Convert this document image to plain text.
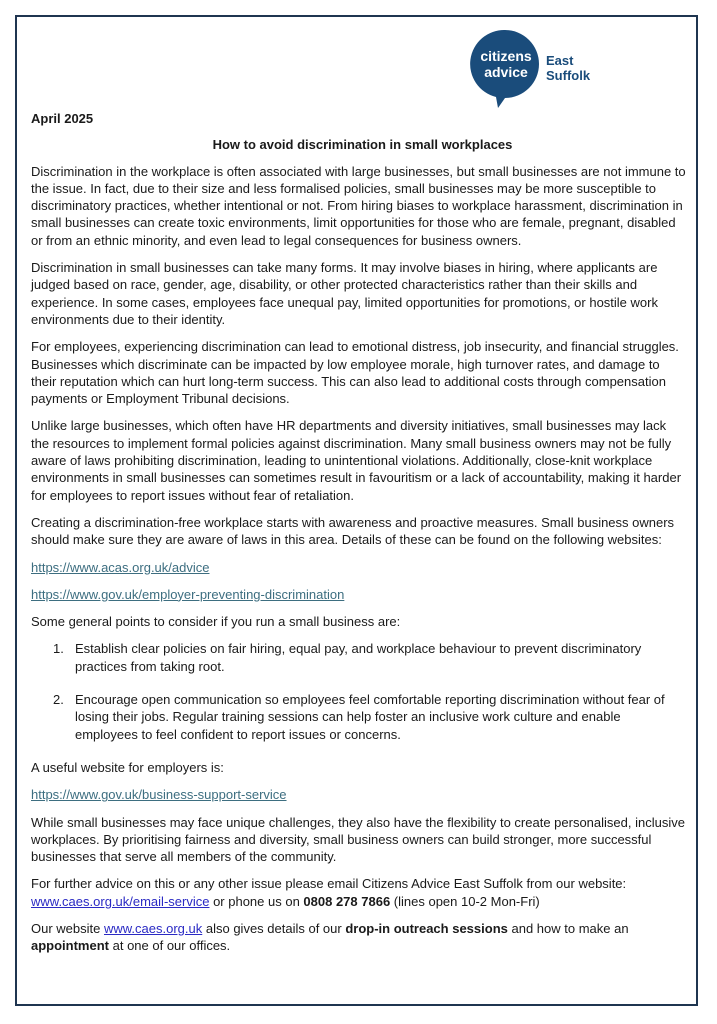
citizens
advice
East
Suffolk
April 2025
How to avoid discrimination in small workplaces

Discrimination in the workplace is often associated with large businesses, but small businesses are not immune to the issue. In fact, due to their size and less formalised policies, small businesses may be more susceptible to discriminatory practices, whether intentional or not. From hiring biases to workplace harassment, discrimination in small businesses can create toxic environments, limit opportunities for those who are female, pregnant, disabled or from an ethnic minority, and even lead to legal consequences for business owners.

Discrimination in small businesses can take many forms. It may involve biases in hiring, where applicants are judged based on race, gender, age, disability, or other protected characteristics rather than their skills and experience. In some cases, employees face unequal pay, limited opportunities for promotions, or hostile work environments due to their identity.

For employees, experiencing discrimination can lead to emotional distress, job insecurity, and financial struggles. Businesses which discriminate can be impacted by low employee morale, high turnover rates, and damage to their reputation which can hurt long-term success. This can also lead to additional costs through compensation payments or Employment Tribunal decisions.

Unlike large businesses, which often have HR departments and diversity initiatives, small businesses may lack the resources to implement formal policies against discrimination. Many small business owners may not be fully aware of laws prohibiting discrimination, leading to unintentional violations. Additionally, close-knit workplace environments in small businesses can sometimes result in favouritism or a lack of accountability, making it harder for employees to report issues without fear of retaliation.

Creating a discrimination-free workplace starts with awareness and proactive measures. Small business owners should make sure they are aware of laws in this area. Details of these can be found on the following websites:

https://www.acas.org.uk/advice
https://www.gov.uk/employer-preventing-discrimination

Some general points to consider if you run a small business are:

1. Establish clear policies on fair hiring, equal pay, and workplace behaviour to prevent discriminatory practices from taking root.
2. Encourage open communication so employees feel comfortable reporting discrimination without fear of losing their jobs. Regular training sessions can help foster an inclusive work culture and enable employees to feel confident to report issues or concerns.

A useful website for employers is:

https://www.gov.uk/business-support-service

While small businesses may face unique challenges, they also have the flexibility to create personalised, inclusive workplaces. By prioritising fairness and diversity, small business owners can build stronger, more successful businesses that serve all members of the community.

For further advice on this or any other issue please email Citizens Advice East Suffolk from our website: www.caes.org.uk/email-service or phone us on 0808 278 7866 (lines open 10-2 Mon-Fri)

Our website www.caes.org.uk also gives details of our drop-in outreach sessions and how to make an appointment at one of our offices.
